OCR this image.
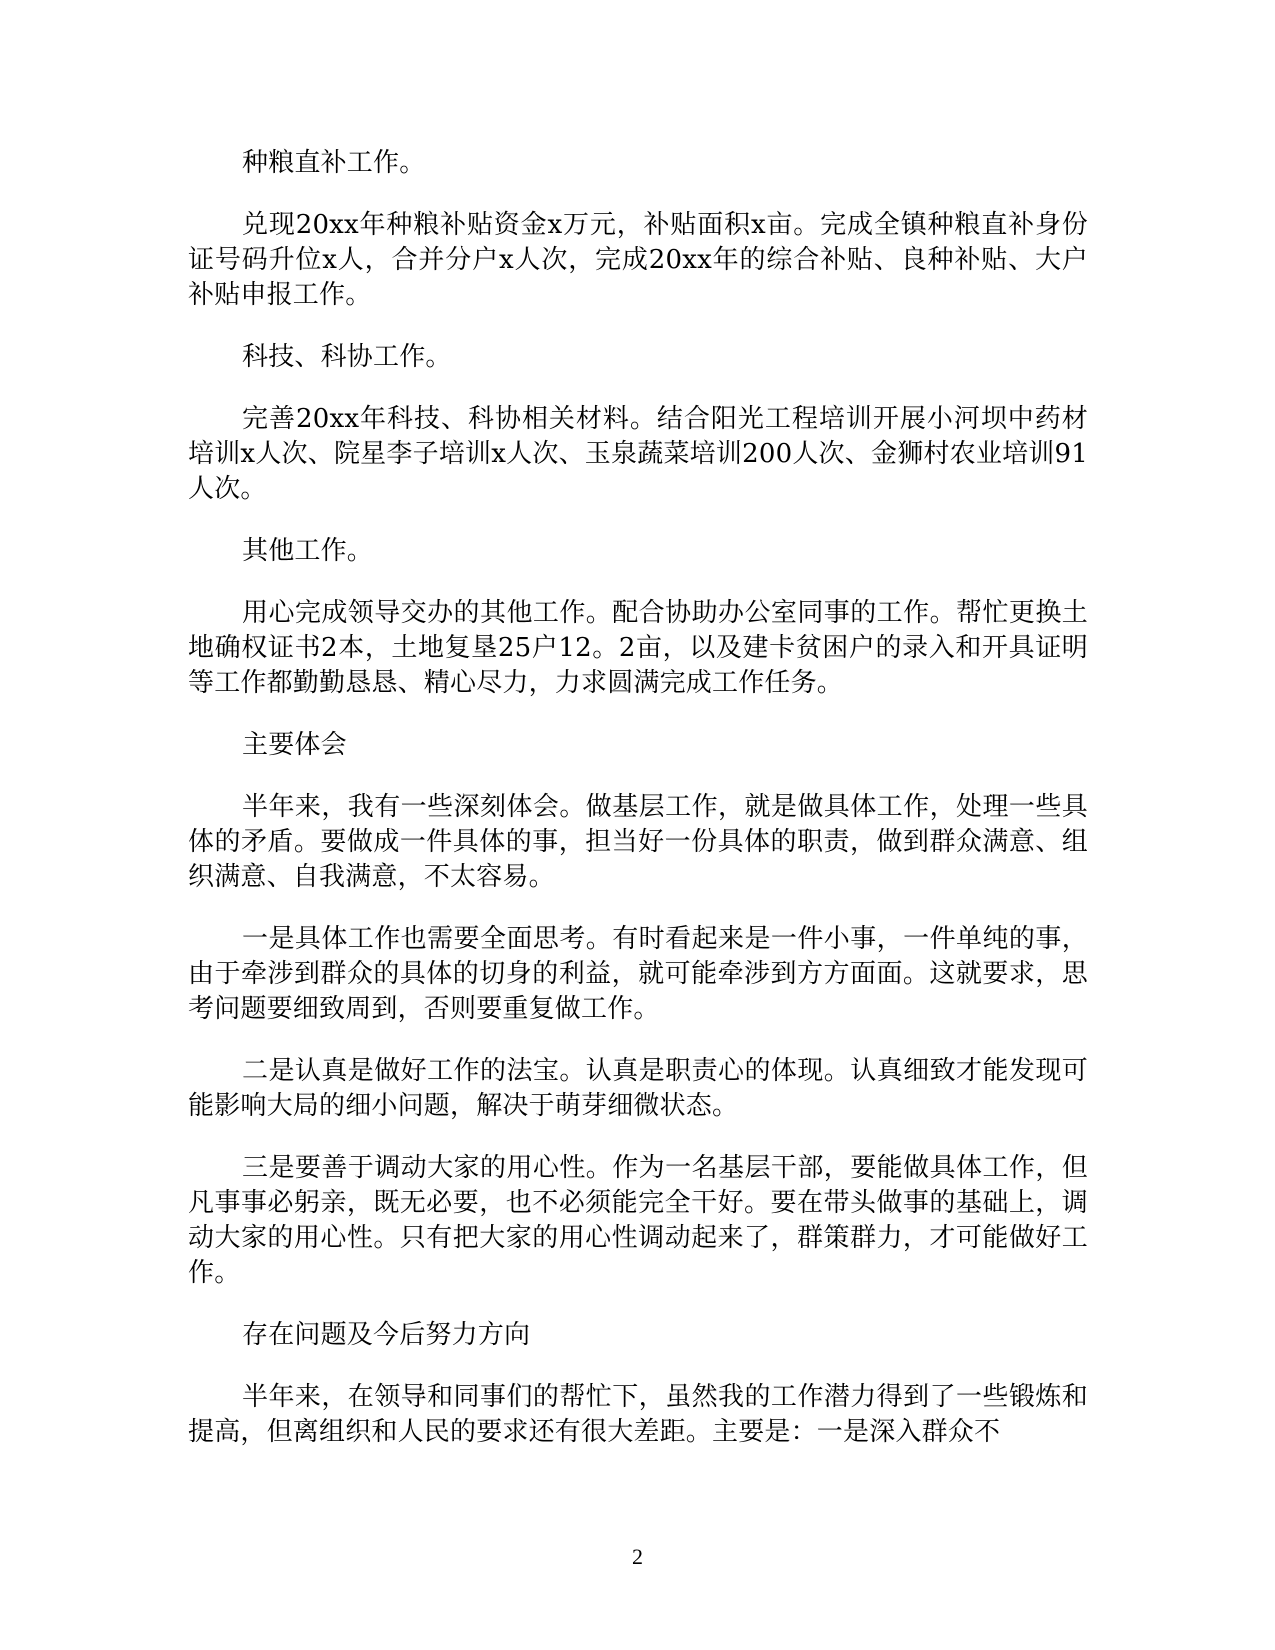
种粮直补工作。

兑现20xx年种粮补贴资金x万元，补贴面积x亩。完成全镇种粮直补身份证号码升位x人，合并分户x人次，完成20xx年的综合补贴、良种补贴、大户补贴申报工作。

科技、科协工作。

完善20xx年科技、科协相关材料。结合阳光工程培训开展小河坝中药材培训x人次、院星李子培训x人次、玉泉蔬菜培训200人次、金狮村农业培训91人次。

其他工作。

用心完成领导交办的其他工作。配合协助办公室同事的工作。帮忙更换土地确权证书2本，土地复垦25户12。2亩，以及建卡贫困户的录入和开具证明等工作都勤勤恳恳、精心尽力，力求圆满完成工作任务。

主要体会

半年来，我有一些深刻体会。做基层工作，就是做具体工作，处理一些具体的矛盾。要做成一件具体的事，担当好一份具体的职责，做到群众满意、组织满意、自我满意，不太容易。

一是具体工作也需要全面思考。有时看起来是一件小事，一件单纯的事，由于牵涉到群众的具体的切身的利益，就可能牵涉到方方面面。这就要求，思考问题要细致周到，否则要重复做工作。

二是认真是做好工作的法宝。认真是职责心的体现。认真细致才能发现可能影响大局的细小问题，解决于萌芽细微状态。

三是要善于调动大家的用心性。作为一名基层干部，要能做具体工作，但凡事事必躬亲，既无必要，也不必须能完全干好。要在带头做事的基础上，调动大家的用心性。只有把大家的用心性调动起来了，群策群力，才可能做好工作。

存在问题及今后努力方向

半年来，在领导和同事们的帮忙下，虽然我的工作潜力得到了一些锻炼和提高，但离组织和人民的要求还有很大差距。主要是：一是深入群众不

2
